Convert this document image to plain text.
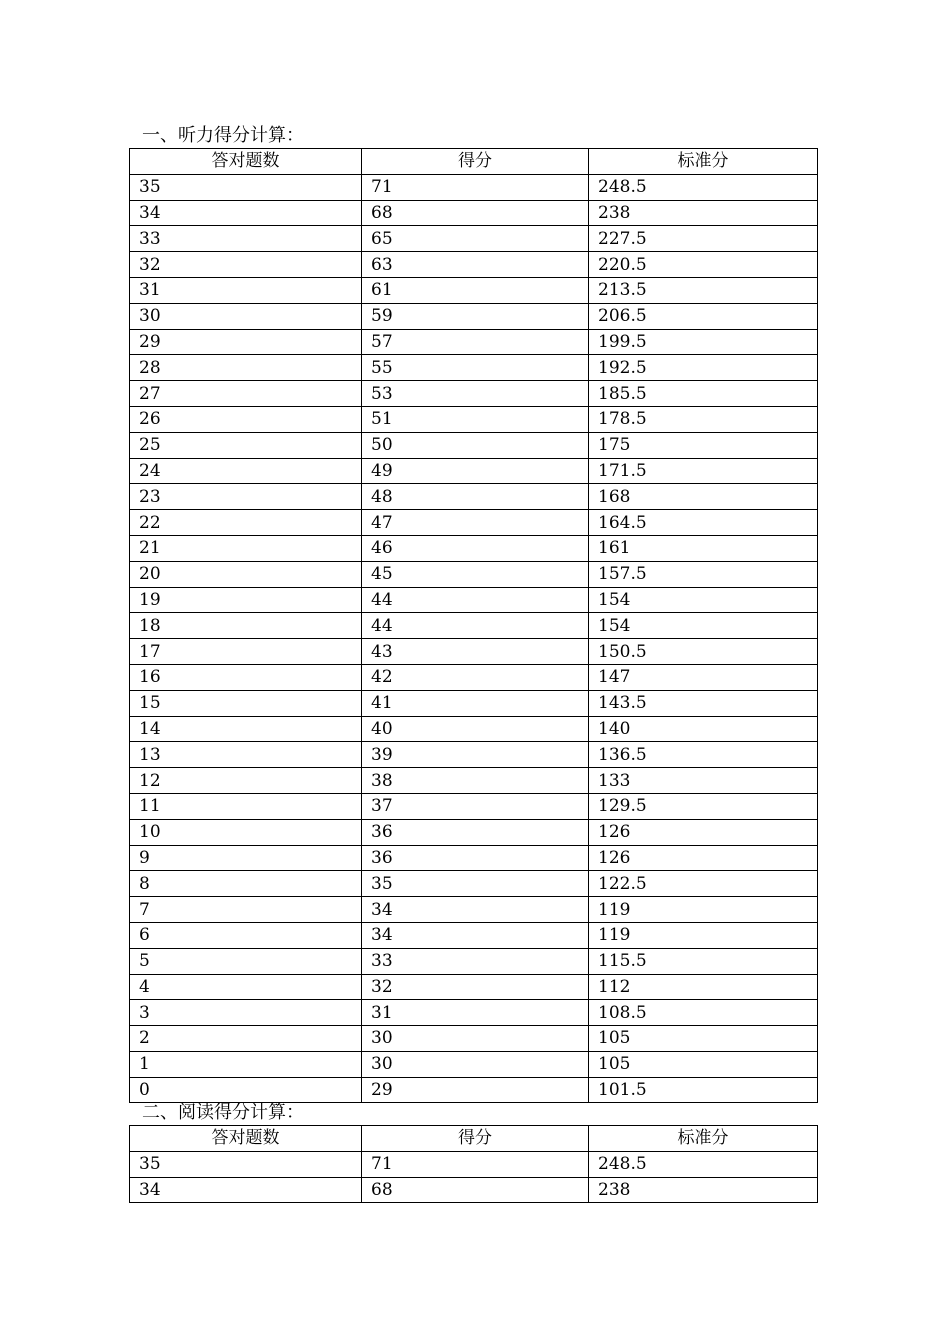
一、听力得分计算：
答对题数	得分	标准分
35	71	248.5
34	68	238
33	65	227.5
32	63	220.5
31	61	213.5
30	59	206.5
29	57	199.5
28	55	192.5
27	53	185.5
26	51	178.5
25	50	175
24	49	171.5
23	48	168
22	47	164.5
21	46	161
20	45	157.5
19	44	154
18	44	154
17	43	150.5
16	42	147
15	41	143.5
14	40	140
13	39	136.5
12	38	133
11	37	129.5
10	36	126
9	36	126
8	35	122.5
7	34	119
6	34	119
5	33	115.5
4	32	112
3	31	108.5
2	30	105
1	30	105
0	29	101.5
二、阅读得分计算：
答对题数	得分	标准分
35	71	248.5
34	68	238
